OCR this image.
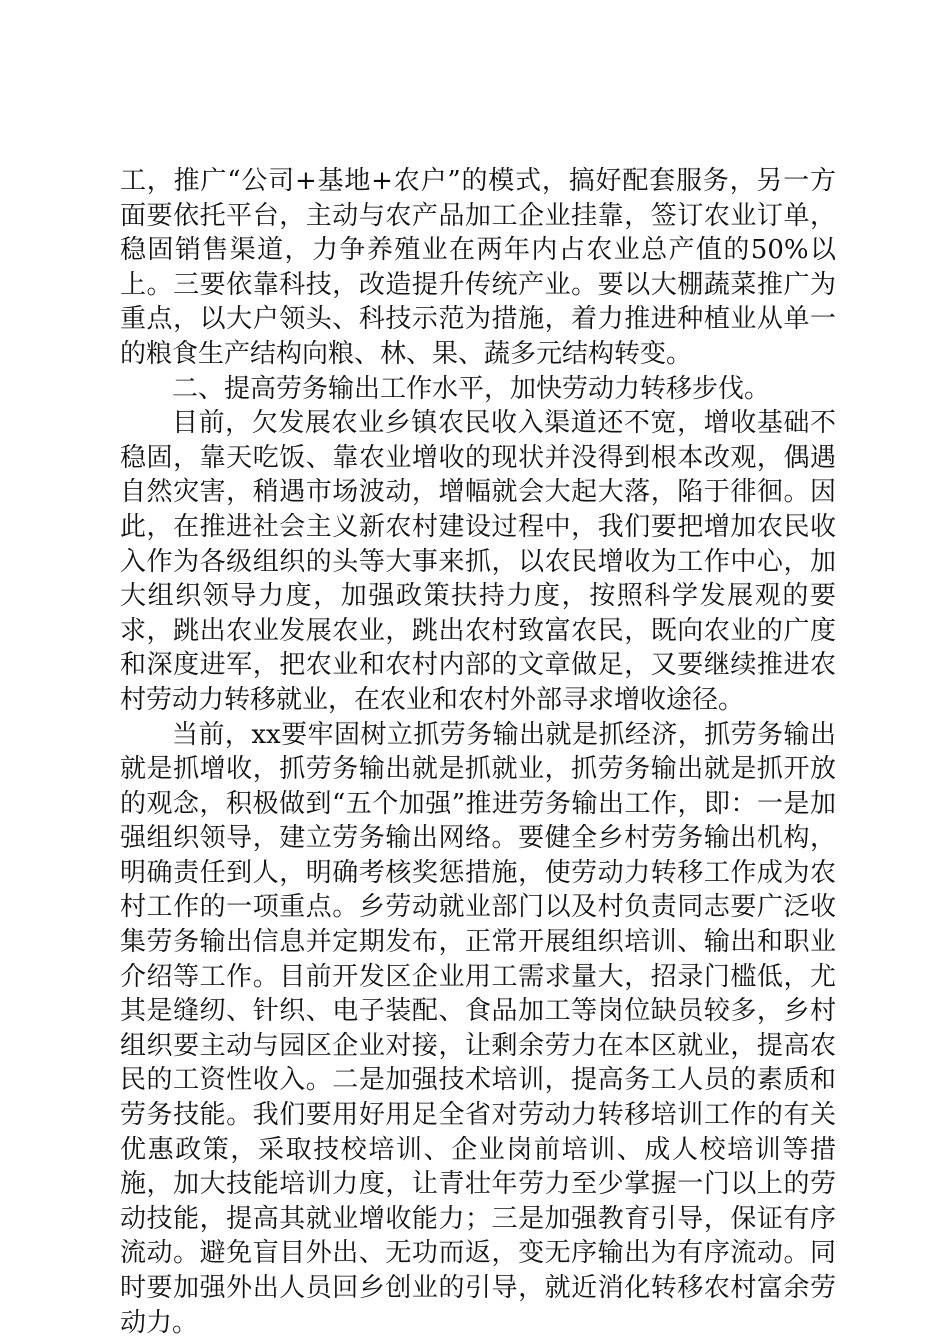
工，推广“公司+基地+农户”的模式，搞好配套服务，另一方面要依托平台，主动与农产品加工企业挂靠，签订农业订单，稳固销售渠道，力争养殖业在两年内占农业总产值的50%以上。三要依靠科技，改造提升传统产业。要以大棚蔬菜推广为重点，以大户领头、科技示范为措施，着力推进种植业从单一的粮食生产结构向粮、林、果、蔬多元结构转变。

二、提高劳务输出工作水平，加快劳动力转移步伐。

目前，欠发展农业乡镇农民收入渠道还不宽，增收基础不稳固，靠天吃饭、靠农业增收的现状并没得到根本改观，偶遇自然灾害，稍遇市场波动，增幅就会大起大落，陷于徘徊。因此，在推进社会主义新农村建设过程中，我们要把增加农民收入作为各级组织的头等大事来抓，以农民增收为工作中心，加大组织领导力度，加强政策扶持力度，按照科学发展观的要求，跳出农业发展农业，跳出农村致富农民，既向农业的广度和深度进军，把农业和农村内部的文章做足，又要继续推进农村劳动力转移就业，在农业和农村外部寻求增收途径。

当前，xx要牢固树立抓劳务输出就是抓经济，抓劳务输出就是抓增收，抓劳务输出就是抓就业，抓劳务输出就是抓开放的观念，积极做到“五个加强”推进劳务输出工作，即：一是加强组织领导，建立劳务输出网络。要健全乡村劳务输出机构，明确责任到人，明确考核奖惩措施，使劳动力转移工作成为农村工作的一项重点。乡劳动就业部门以及村负责同志要广泛收集劳务输出信息并定期发布，正常开展组织培训、输出和职业介绍等工作。目前开发区企业用工需求量大，招录门槛低，尤其是缝纫、针织、电子装配、食品加工等岗位缺员较多，乡村组织要主动与园区企业对接，让剩余劳力在本区就业，提高农民的工资性收入。二是加强技术培训，提高务工人员的素质和劳务技能。我们要用好用足全省对劳动力转移培训工作的有关优惠政策，采取技校培训、企业岗前培训、成人校培训等措施，加大技能培训力度，让青壮年劳力至少掌握一门以上的劳动技能，提高其就业增收能力；三是加强教育引导，保证有序流动。避免盲目外出、无功而返，变无序输出为有序流动。同时要加强外出人员回乡创业的引导，就近消化转移农村富余劳动力。
